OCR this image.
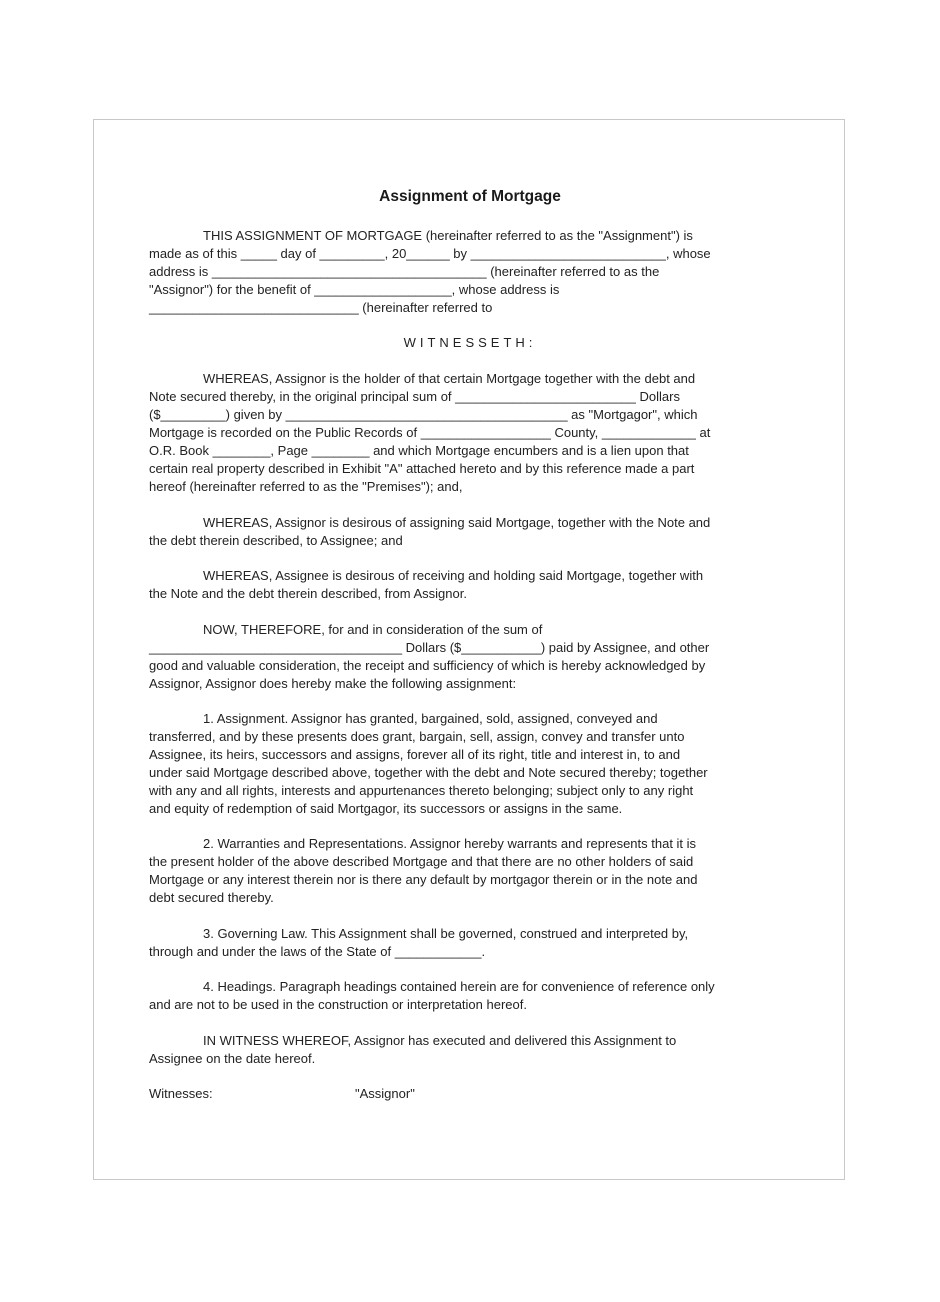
Assignment of Mortgage
THIS ASSIGNMENT OF MORTGAGE (hereinafter referred to as the "Assignment") is
made as of this _____ day of _________, 20______ by ___________________________, whose
address is ______________________________________ (hereinafter referred to as the
"Assignor") for the benefit of ___________________, whose address is
_____________________________ (hereinafter referred to
WITNESSETH:
WHEREAS, Assignor is the holder of that certain Mortgage together with the debt and
Note secured thereby, in the original principal sum of _________________________ Dollars
($_________) given by _______________________________________ as "Mortgagor", which
Mortgage is recorded on the Public Records of __________________ County, _____________ at
O.R. Book ________, Page ________ and which Mortgage encumbers and is a lien upon that
certain real property described in Exhibit "A" attached hereto and by this reference made a part
hereof (hereinafter referred to as the "Premises"); and,
WHEREAS, Assignor is desirous of assigning said Mortgage, together with the Note and
the debt therein described, to Assignee; and
WHEREAS, Assignee is desirous of receiving and holding said Mortgage, together with
the Note and the debt therein described, from Assignor.
NOW, THEREFORE, for and in consideration of the sum of
___________________________________ Dollars ($___________) paid by Assignee, and other
good and valuable consideration, the receipt and sufficiency of which is hereby acknowledged by
Assignor, Assignor does hereby make the following assignment:
1. Assignment. Assignor has granted, bargained, sold, assigned, conveyed and
transferred, and by these presents does grant, bargain, sell, assign, convey and transfer unto
Assignee, its heirs, successors and assigns, forever all of its right, title and interest in, to and
under said Mortgage described above, together with the debt and Note secured thereby; together
with any and all rights, interests and appurtenances thereto belonging; subject only to any right
and equity of redemption of said Mortgagor, its successors or assigns in the same.
2. Warranties and Representations. Assignor hereby warrants and represents that it is
the present holder of the above described Mortgage and that there are no other holders of said
Mortgage or any interest therein nor is there any default by mortgagor therein or in the note and
debt secured thereby.
3. Governing Law. This Assignment shall be governed, construed and interpreted by,
through and under the laws of the State of ____________.
4. Headings. Paragraph headings contained herein are for convenience of reference only
and are not to be used in the construction or interpretation hereof.
IN WITNESS WHEREOF, Assignor has executed and delivered this Assignment to
Assignee on the date hereof.
Witnesses:	"Assignor"
